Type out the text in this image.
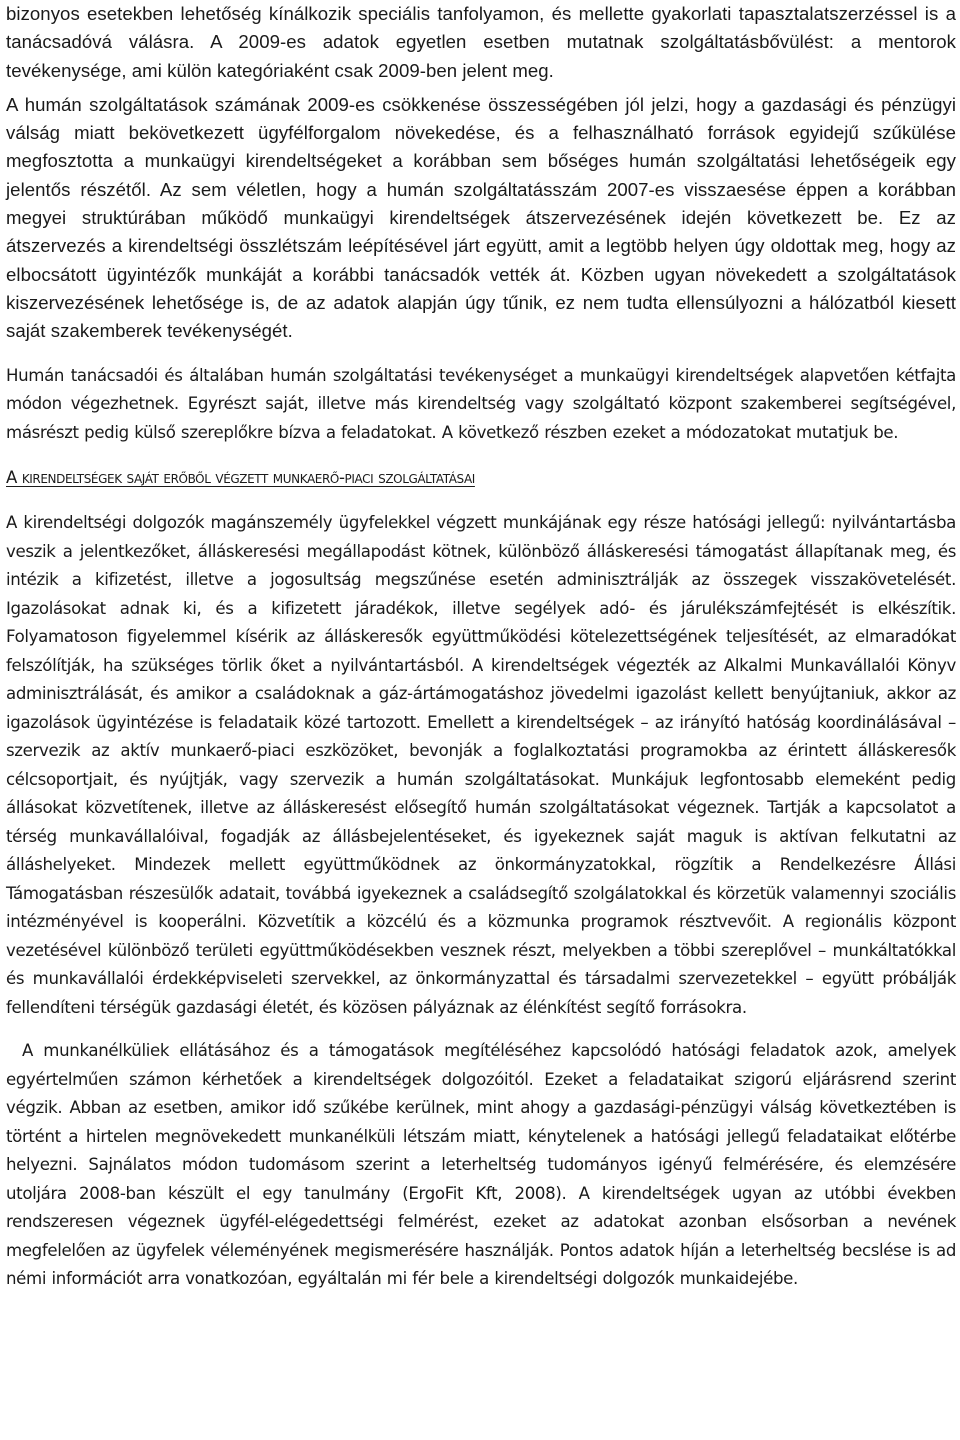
bizonyos esetekben lehetőség kínálkozik speciális tanfolyamon, és mellette gyakorlati tapasztalatszerzéssel is a tanácsadóvá válásra. A 2009-es adatok egyetlen esetben mutatnak szolgáltatásbővülést: a mentorok tevékenysége, ami külön kategóriaként csak 2009-ben jelent meg.

A humán szolgáltatások számának 2009-es csökkenése összességében jól jelzi, hogy a gazdasági és pénzügyi válság miatt bekövetkezett ügyfélforgalom növekedése, és a felhasználható források egyidejű szűkülése megfosztotta a munkaügyi kirendeltségeket a korábban sem bőséges humán szolgáltatási lehetőségeik egy jelentős részétől. Az sem véletlen, hogy a humán szolgáltatásszám 2007-es visszaesése éppen a korábban megyei struktúrában működő munkaügyi kirendeltségek átszervezésének idején következett be. Ez az átszervezés a kirendeltségi összlétszám leépítésével járt együtt, amit a legtöbb helyen úgy oldottak meg, hogy az elbocsátott ügyintézők munkáját a korábbi tanácsadók vették át. Közben ugyan növekedett a szolgáltatások kiszervezésének lehetősége is, de az adatok alapján úgy tűnik, ez nem tudta ellensúlyozni a hálózatból kiesett saját szakemberek tevékenységét.

Humán tanácsadói és általában humán szolgáltatási tevékenységet a munkaügyi kirendeltségek alapvetően kétfajta módon végezhetnek. Egyrészt saját, illetve más kirendeltség vagy szolgáltató központ szakemberei segítségével, másrészt pedig külső szereplőkre bízva a feladatokat. A következő részben ezeket a módozatokat mutatjuk be.

A kirendeltségek saját erőből végzett munkaerő-piaci szolgáltatásai

A kirendeltségi dolgozók magánszemély ügyfelekkel végzett munkájának egy része hatósági jellegű: nyilvántartásba veszik a jelentkezőket, álláskeresési megállapodást kötnek, különböző álláskeresési támogatást állapítanak meg, és intézik a kifizetést, illetve a jogosultság megszűnése esetén adminisztrálják az összegek visszakövetelését. Igazolásokat adnak ki, és a kifizetett járadékok, illetve segélyek adó- és járulékszámfejtését is elkészítik. Folyamatoson figyelemmel kísérik az álláskeresők együttműködési kötelezettségének teljesítését, az elmaradókat felszólítják, ha szükséges törlik őket a nyilvántartásból. A kirendeltségek végezték az Alkalmi Munkavállalói Könyv adminisztrálását, és amikor a családoknak a gáz-ártámogatáshoz jövedelmi igazolást kellett benyújtaniuk, akkor az igazolások ügyintézése is feladataik közé tartozott. Emellett a kirendeltségek – az irányító hatóság koordinálásával – szervezik az aktív munkaerő-piaci eszközöket, bevonják a foglalkoztatási programokba az érintett álláskeresők célcsoportjait, és nyújtják, vagy szervezik a humán szolgáltatásokat. Munkájuk legfontosabb elemeként pedig állásokat közvetítenek, illetve az álláskeresést elősegítő humán szolgáltatásokat végeznek. Tartják a kapcsolatot a térség munkavállalóival, fogadják az állásbejelentéseket, és igyekeznek saját maguk is aktívan felkutatni az álláshelyeket. Mindezek mellett együttműködnek az önkormányzatokkal, rögzítik a Rendelkezésre Állási Támogatásban részesülők adatait, továbbá igyekeznek a családsegítő szolgálatokkal és körzetük valamennyi szociális intézményével is kooperálni. Közvetítik a közcélú és a közmunka programok résztvevőit. A regionális központ vezetésével különböző területi együttműködésekben vesznek részt, melyekben a többi szereplővel – munkáltatókkal és munkavállalói érdekképviseleti szervekkel, az önkormányzattal és társadalmi szervezetekkel – együtt próbálják fellendíteni térségük gazdasági életét, és közösen pályáznak az élénkítést segítő forrásokra.

A munkanélküliek ellátásához és a támogatások megítéléséhez kapcsolódó hatósági feladatok azok, amelyek egyértelműen számon kérhetőek a kirendeltségek dolgozóitól. Ezeket a feladataikat szigorú eljárásrend szerint végzik. Abban az esetben, amikor idő szűkébe kerülnek, mint ahogy a gazdasági-pénzügyi válság következtében is történt a hirtelen megnövekedett munkanélküli létszám miatt, kénytelenek a hatósági jellegű feladataikat előtérbe helyezni. Sajnálatos módon tudomásom szerint a leterheltség tudományos igényű felmérésére, és elemzésére utoljára 2008-ban készült el egy tanulmány (ErgoFit Kft, 2008). A kirendeltségek ugyan az utóbbi években rendszeresen végeznek ügyfél-elégedettségi felmérést, ezeket az adatokat azonban elsősorban a nevének megfelelően az ügyfelek véleményének megismerésére használják. Pontos adatok híján a leterheltség becslése is ad némi információt arra vonatkozóan, egyáltalán mi fér bele a kirendeltségi dolgozók munkaidejébe.
